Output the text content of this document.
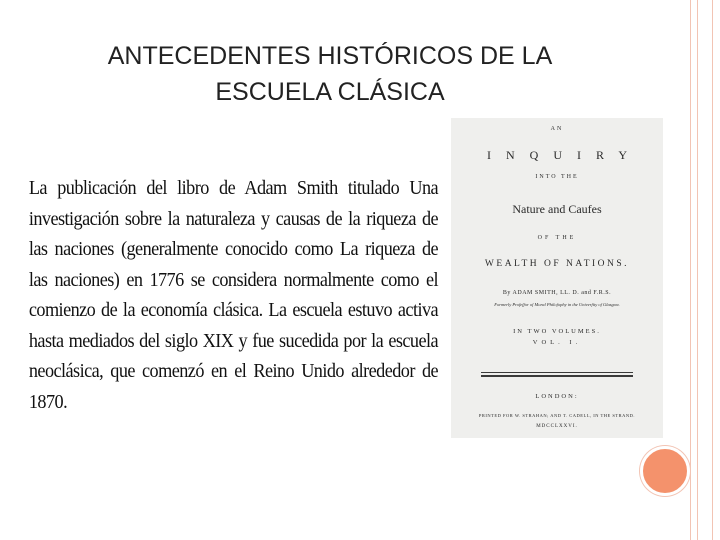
ANTECEDENTES HISTÓRICOS DE LA
ESCUELA CLÁSICA

La publicación del libro de Adam Smith titulado Una investigación sobre la naturaleza y causas de la riqueza de las naciones (generalmente conocido como La riqueza de las naciones) en 1776 se considera normalmente como el comienzo de la economía clásica. La escuela estuvo activa hasta mediados del siglo XIX y fue sucedida por la escuela neoclásica, que comenzó en el Reino Unido alrededor de 1870.

AN
INQUIRY
INTO THE
Nature and Caufes
OF THE
WEALTH OF NATIONS.
By ADAM SMITH, LL. D. and F.R.S.
Formerly Profeffor of Moral Philofophy in the Univerfity of Glasgow.
IN TWO VOLUMES.
VOL. I.
LONDON:
PRINTED FOR W. STRAHAN; AND T. CADELL, IN THE STRAND.
MDCCLXXVI.
